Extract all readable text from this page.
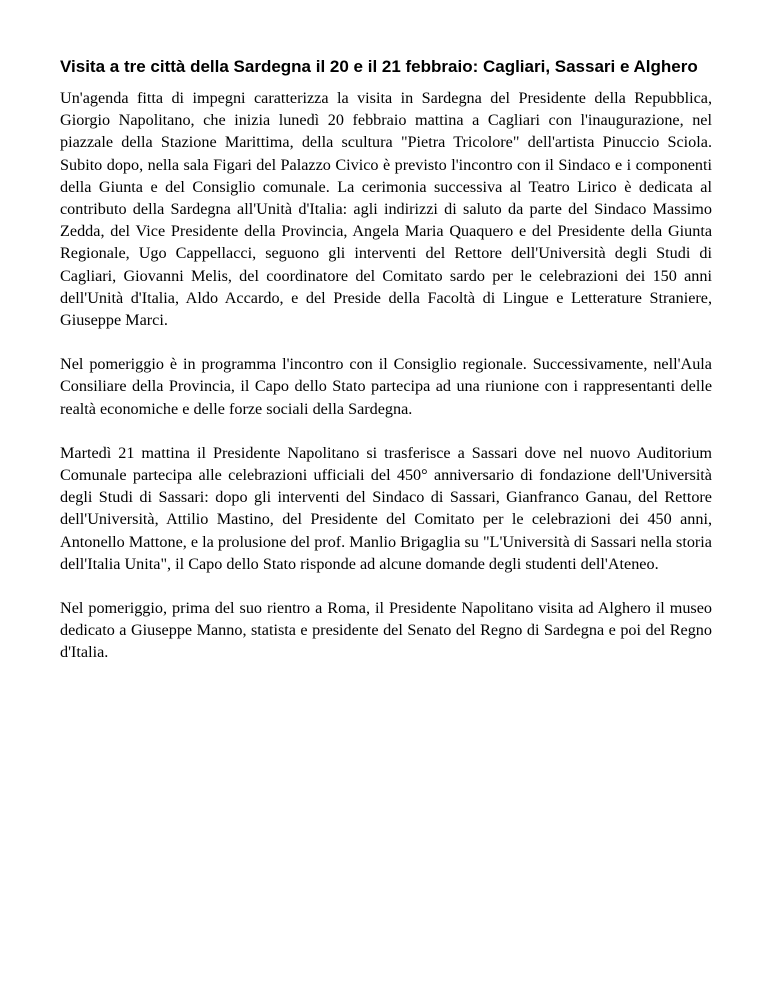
Visita a tre città della Sardegna il 20 e il 21 febbraio: Cagliari, Sassari e Alghero

Un'agenda fitta di impegni caratterizza la visita in Sardegna del Presidente della Repubblica, Giorgio Napolitano, che inizia lunedì 20 febbraio mattina a Cagliari con l'inaugurazione, nel piazzale della Stazione Marittima, della scultura "Pietra Tricolore" dell'artista Pinuccio Sciola. Subito dopo, nella sala Figari del Palazzo Civico è previsto l'incontro con il Sindaco e i componenti della Giunta e del Consiglio comunale. La cerimonia successiva al Teatro Lirico è dedicata al contributo della Sardegna all'Unità d'Italia: agli indirizzi di saluto da parte del Sindaco Massimo Zedda, del Vice Presidente della Provincia, Angela Maria Quaquero e del Presidente della Giunta Regionale, Ugo Cappellacci, seguono gli interventi del Rettore dell'Università degli Studi di Cagliari, Giovanni Melis, del coordinatore del Comitato sardo per le celebrazioni dei 150 anni dell'Unità d'Italia, Aldo Accardo, e del Preside della Facoltà di Lingue e Letterature Straniere, Giuseppe Marci.

Nel pomeriggio è in programma l'incontro con il Consiglio regionale. Successivamente, nell'Aula Consiliare della Provincia, il Capo dello Stato partecipa ad una riunione con i rappresentanti delle realtà economiche e delle forze sociali della Sardegna.

Martedì 21 mattina il Presidente Napolitano si trasferisce a Sassari dove nel nuovo Auditorium Comunale partecipa alle celebrazioni ufficiali del 450° anniversario di fondazione dell'Università degli Studi di Sassari: dopo gli interventi del Sindaco di Sassari, Gianfranco Ganau, del Rettore dell'Università, Attilio Mastino, del Presidente del Comitato per le celebrazioni dei 450 anni, Antonello Mattone, e la prolusione del prof. Manlio Brigaglia su "L'Università di Sassari nella storia dell'Italia Unita", il Capo dello Stato risponde ad alcune domande degli studenti dell'Ateneo.

Nel pomeriggio, prima del suo rientro a Roma, il Presidente Napolitano visita ad Alghero il museo dedicato a Giuseppe Manno, statista e presidente del Senato del Regno di Sardegna e poi del Regno d'Italia.
